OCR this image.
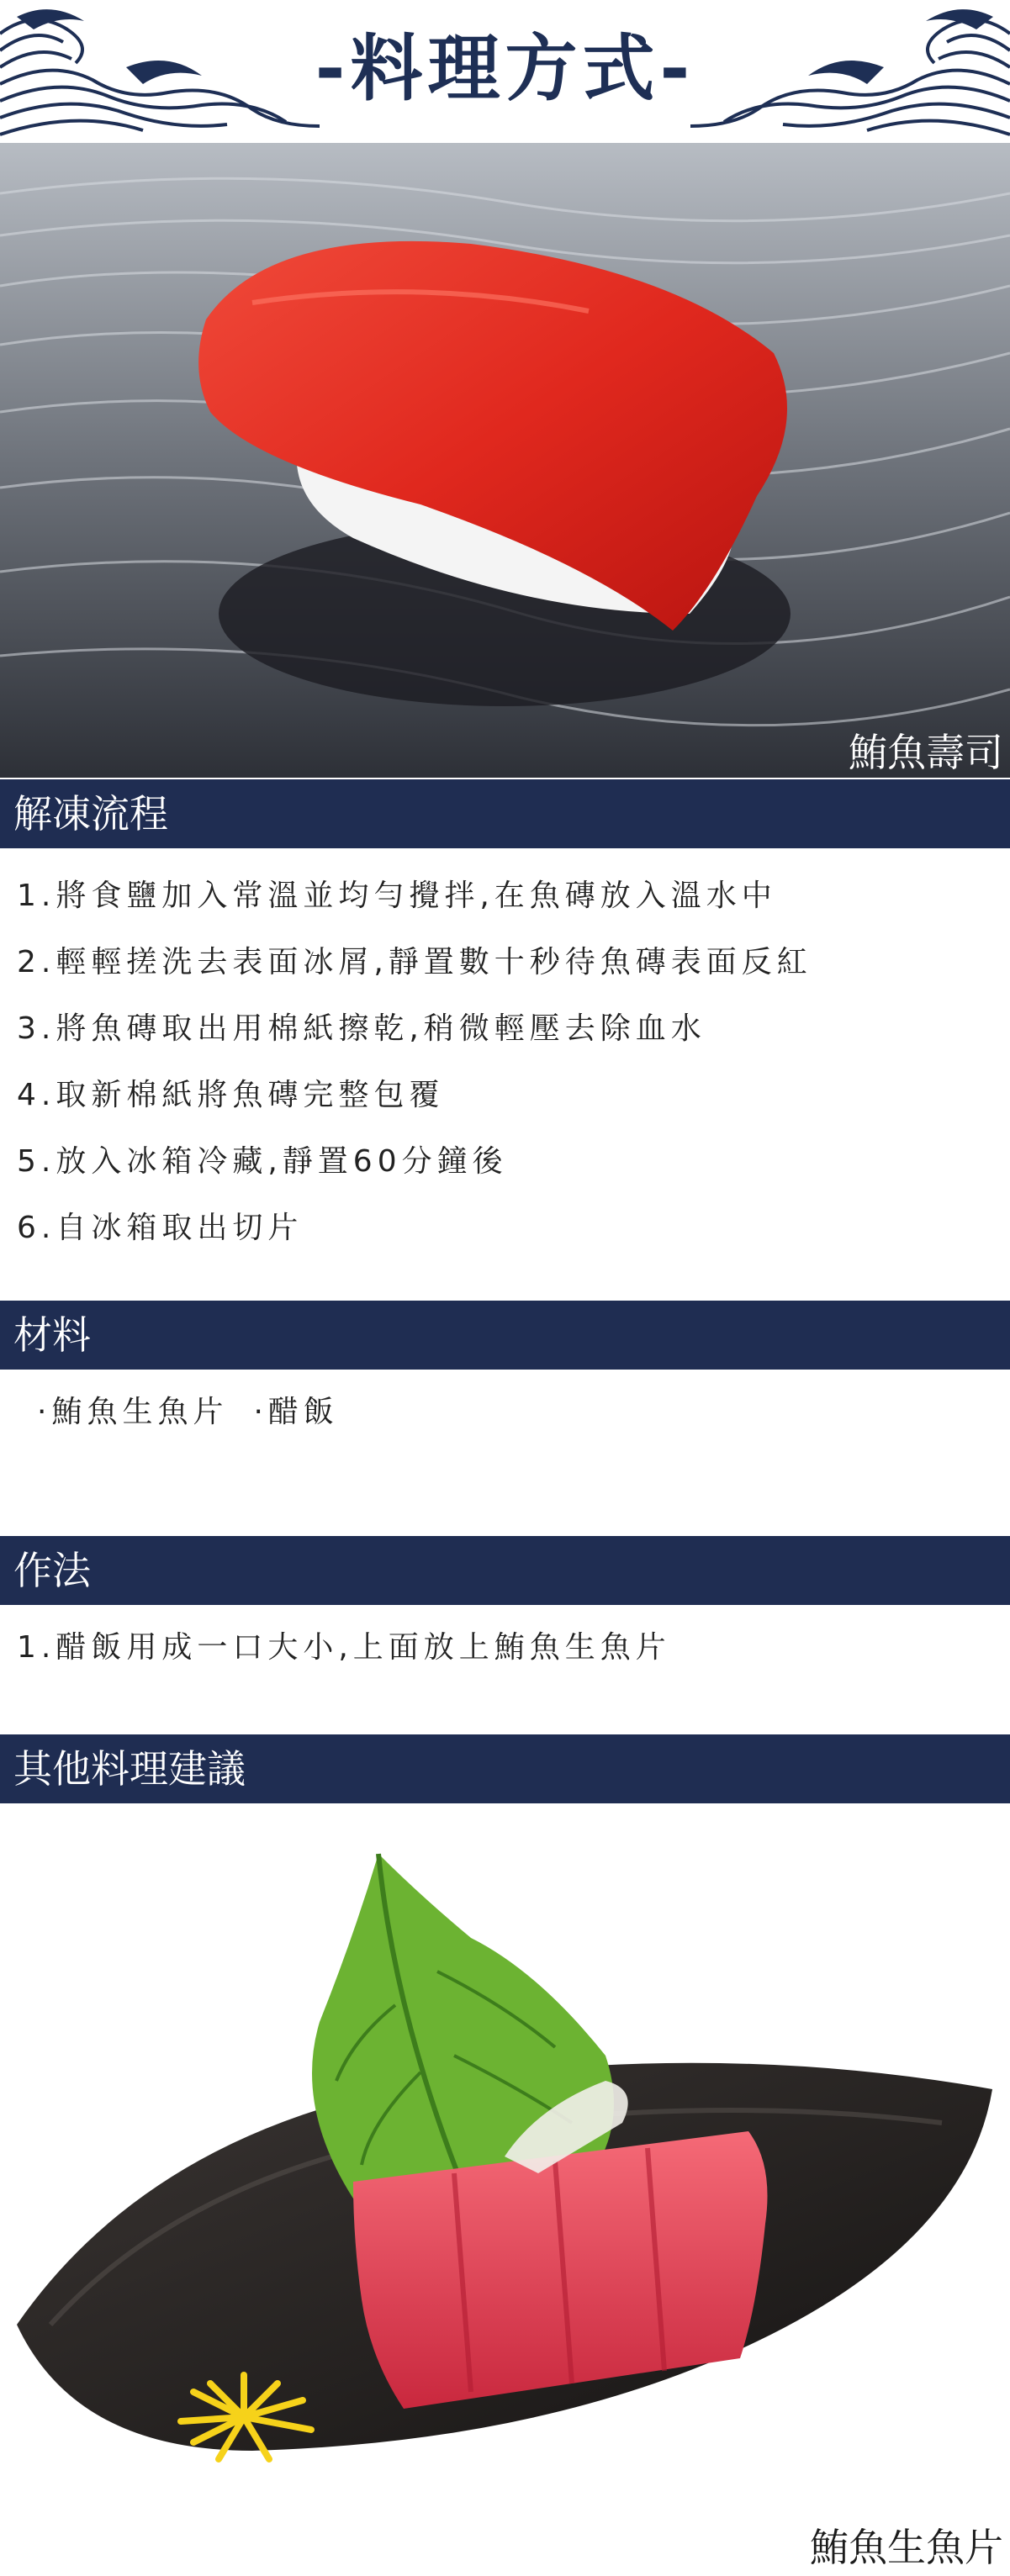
-料理方式-
鮪魚壽司
解凍流程
1.將食鹽加入常溫並均勻攪拌,在魚磚放入溫水中
2.輕輕搓洗去表面冰屑,靜置數十秒待魚磚表面反紅
3.將魚磚取出用棉紙擦乾,稍微輕壓去除血水
4.取新棉紙將魚磚完整包覆
5.放入冰箱冷藏,靜置60分鐘後
6.自冰箱取出切片
材料
·鮪魚生魚片 ·醋飯
作法
1.醋飯用成一口大小,上面放上鮪魚生魚片
其他料理建議
鮪魚生魚片
